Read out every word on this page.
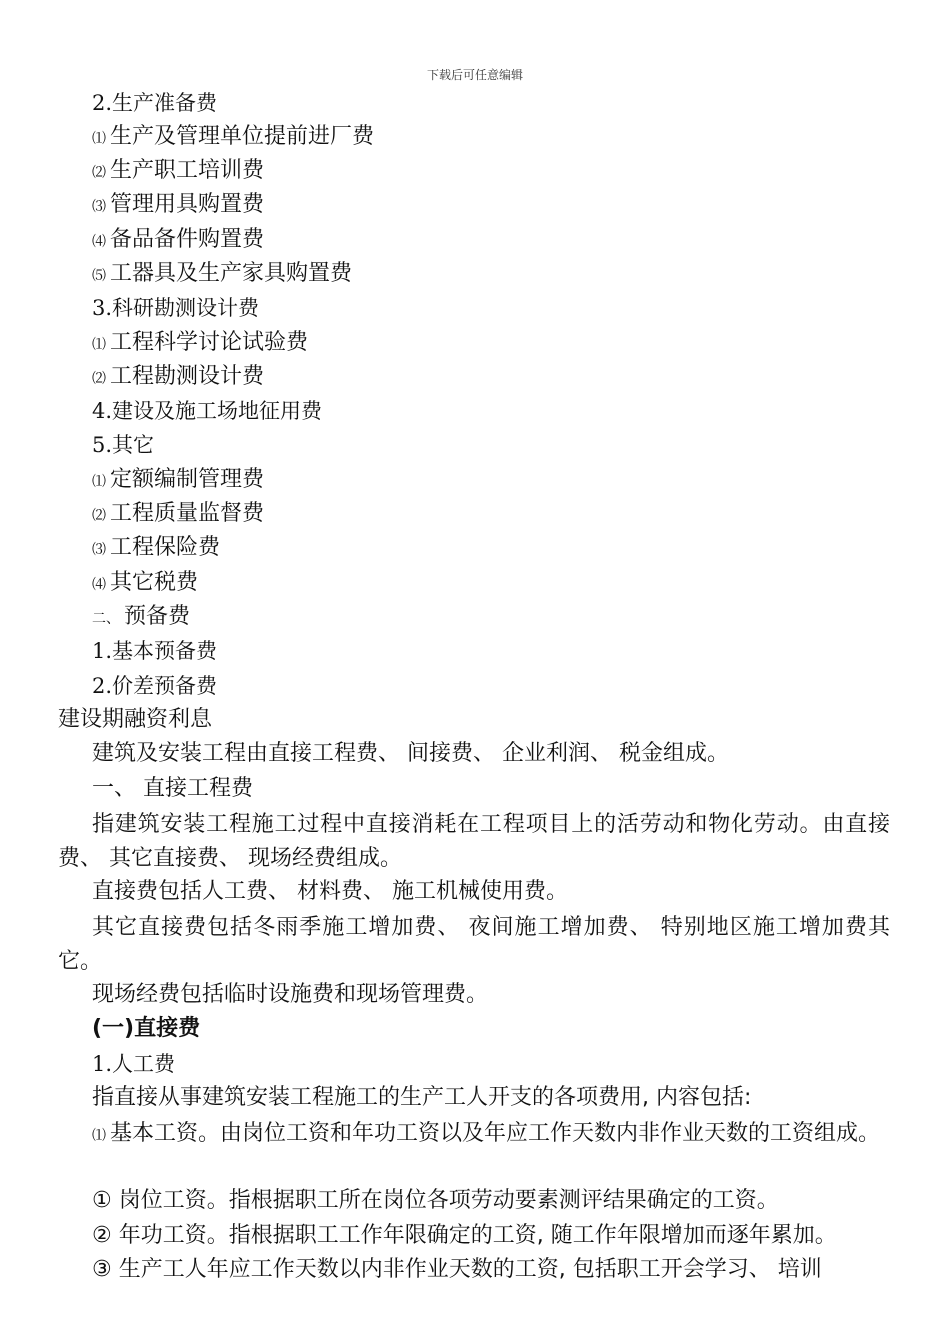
下载后可任意编辑
2.生产准备费
⑴ 生产及管理单位提前进厂费
⑵ 生产职工培训费
⑶ 管理用具购置费
⑷ 备品备件购置费
⑸ 工器具及生产家具购置费
3.科研勘测设计费
⑴ 工程科学讨论试验费
⑵ 工程勘测设计费
4.建设及施工场地征用费
5.其它
⑴ 定额编制管理费
⑵ 工程质量监督费
⑶ 工程保险费
⑷ 其它税费
二、 预备费
1.基本预备费
2.价差预备费
建设期融资利息
建筑及安装工程由直接工程费、 间接费、 企业利润、 税金组成。
一、 直接工程费
指建筑安装工程施工过程中直接消耗在工程项目上的活劳动和物化劳动。由直接费、 其它直接费、 现场经费组成。
直接费包括人工费、 材料费、 施工机械使用费。
其它直接费包括冬雨季施工增加费、 夜间施工增加费、 特别地区施工增加费其它。
现场经费包括临时设施费和现场管理费。
(一)直接费
1.人工费
指直接从事建筑安装工程施工的生产工人开支的各项费用, 内容包括:
⑴ 基本工资。由岗位工资和年功工资以及年应工作天数内非作业天数的工资组成。
① 岗位工资。指根据职工所在岗位各项劳动要素测评结果确定的工资。
② 年功工资。指根据职工工作年限确定的工资, 随工作年限增加而逐年累加。
③ 生产工人年应工作天数以内非作业天数的工资, 包括职工开会学习、 培训
